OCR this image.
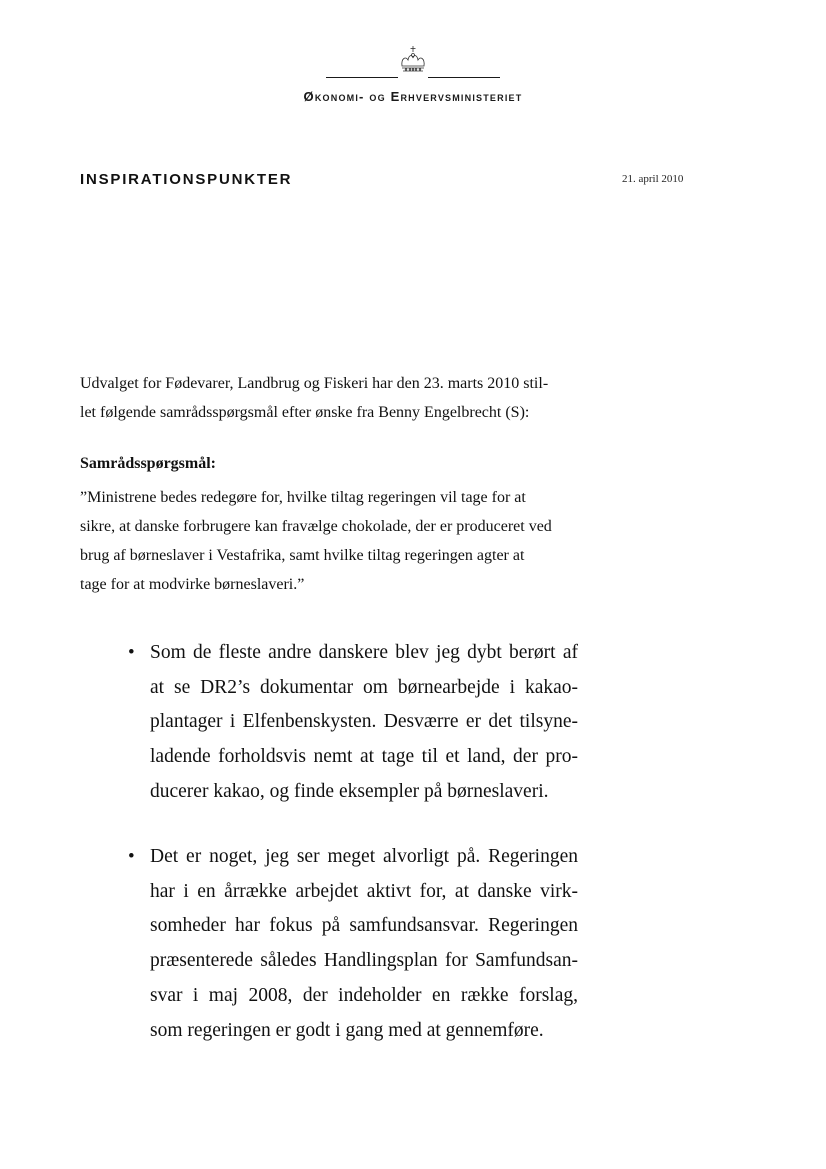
Økonomi- og Erhvervsministeriet
INSPIRATIONSPUNKTER	21. april 2010
Udvalget for Fødevarer, Landbrug og Fiskeri har den 23. marts 2010 stil-
let følgende samrådsspørgsmål efter ønske fra Benny Engelbrecht (S):
Samrådsspørgsmål:
”Ministrene bedes redegøre for, hvilke tiltag regeringen vil tage for at
sikre, at danske forbrugere kan fravælge chokolade, der er produceret ved
brug af børneslaver i Vestafrika, samt hvilke tiltag regeringen agter at
tage for at modvirke børneslaveri.”
• Som de fleste andre danskere blev jeg dybt berørt af
at se DR2’s dokumentar om børnearbejde i kakao-
plantager i Elfenbenskysten. Desværre er det tilsyne-
ladende forholdsvis nemt at tage til et land, der pro-
ducerer kakao, og finde eksempler på børneslaveri.
• Det er noget, jeg ser meget alvorligt på. Regeringen
har i en årrække arbejdet aktivt for, at danske virk-
somheder har fokus på samfundsansvar. Regeringen
præsenterede således Handlingsplan for Samfundsan-
svar i maj 2008, der indeholder en række forslag,
som regeringen er godt i gang med at gennemføre.
